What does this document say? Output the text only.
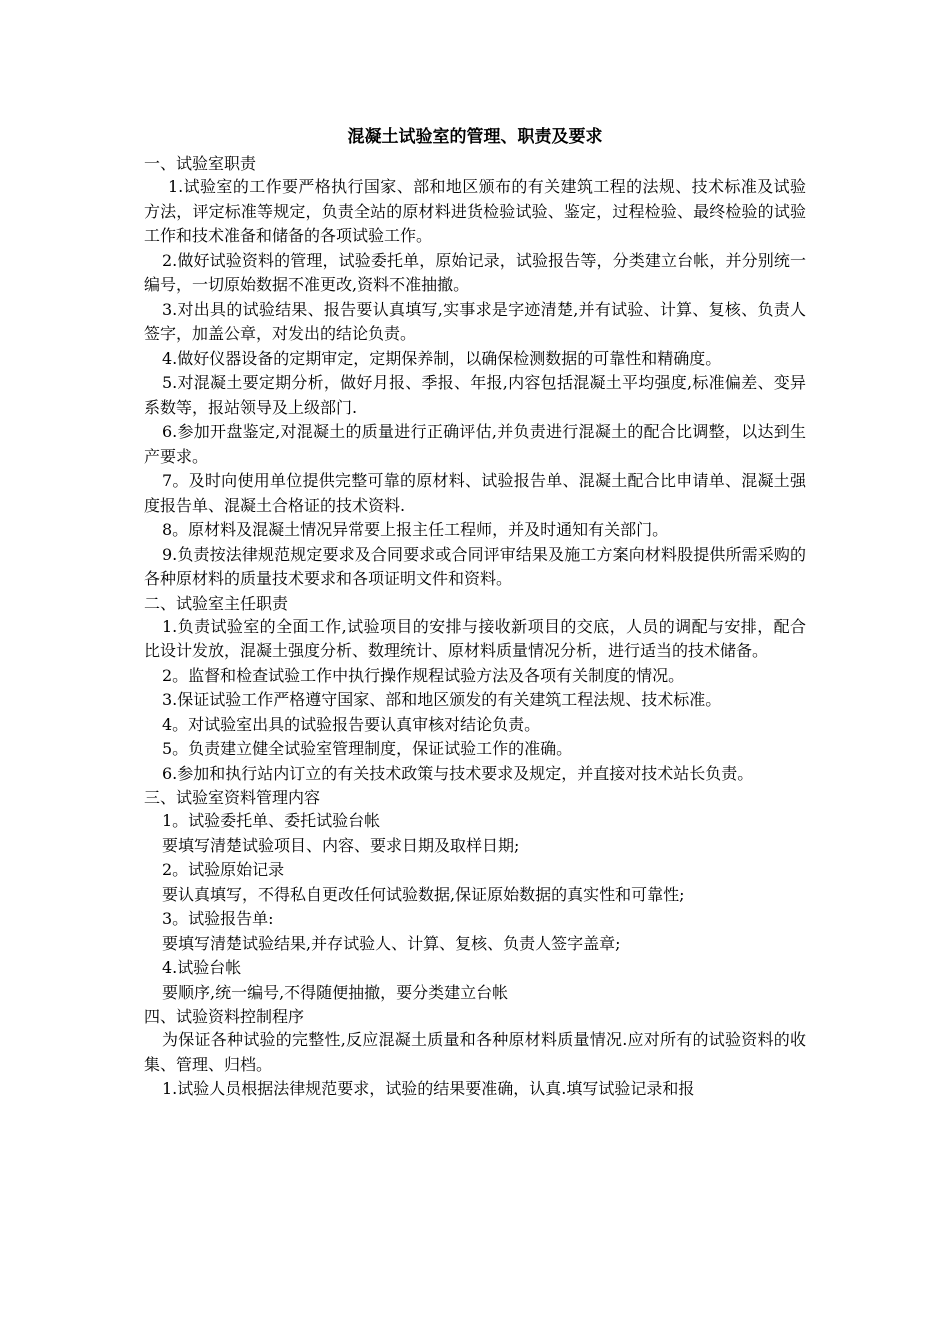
混凝土试验室的管理、职责及要求

一、试验室职责

1.试验室的工作要严格执行国家、部和地区颁布的有关建筑工程的法规、技术标准及试验方法，评定标准等规定，负责全站的原材料进货检验试验、鉴定，过程检验、最终检验的试验工作和技术准备和储备的各项试验工作。

2.做好试验资料的管理，试验委托单，原始记录，试验报告等，分类建立台帐，并分别统一编号，一切原始数据不准更改,资料不准抽撤。

3.对出具的试验结果、报告要认真填写,实事求是字迹清楚,并有试验、计算、复核、负责人签字，加盖公章，对发出的结论负责。

4.做好仪器设备的定期审定，定期保养制，以确保检测数据的可靠性和精确度。

5.对混凝土要定期分析，做好月报、季报、年报,内容包括混凝土平均强度,标准偏差、变异系数等，报站领导及上级部门.

6.参加开盘鉴定,对混凝土的质量进行正确评估,并负责进行混凝土的配合比调整，以达到生产要求。

7。及时向使用单位提供完整可靠的原材料、试验报告单、混凝土配合比申请单、混凝土强度报告单、混凝土合格证的技术资料.

8。原材料及混凝土情况异常要上报主任工程师，并及时通知有关部门。

9.负责按法律规范规定要求及合同要求或合同评审结果及施工方案向材料股提供所需采购的各种原材料的质量技术要求和各项证明文件和资料。

二、试验室主任职责

1.负责试验室的全面工作,试验项目的安排与接收新项目的交底，人员的调配与安排，配合比设计发放，混凝土强度分析、数理统计、原材料质量情况分析，进行适当的技术储备。

2。监督和检查试验工作中执行操作规程试验方法及各项有关制度的情况。

3.保证试验工作严格遵守国家、部和地区颁发的有关建筑工程法规、技术标准。

4。对试验室出具的试验报告要认真审核对结论负责。

5。负责建立健全试验室管理制度，保证试验工作的准确。

6.参加和执行站内订立的有关技术政策与技术要求及规定，并直接对技术站长负责。

三、试验室资料管理内容

1。试验委托单、委托试验台帐

要填写清楚试验项目、内容、要求日期及取样日期;

2。试验原始记录

要认真填写，不得私自更改任何试验数据,保证原始数据的真实性和可靠性;

3。试验报告单:

要填写清楚试验结果,并存试验人、计算、复核、负责人签字盖章;

4.试验台帐

要顺序,统一编号,不得随便抽撤，要分类建立台帐

四、试验资料控制程序

为保证各种试验的完整性,反应混凝土质量和各种原材料质量情况.应对所有的试验资料的收集、管理、归档。

1.试验人员根据法律规范要求，试验的结果要准确，认真.填写试验记录和报
